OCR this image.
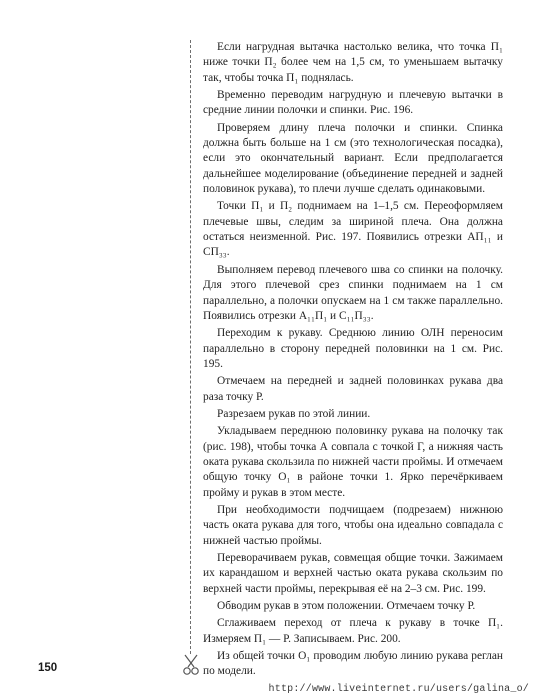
150

Если нагрудная вытачка настолько велика, что точка П₁ ниже точки П₂ более чем на 1,5 см, то уменьшаем вытачку так, чтобы точка П₁ поднялась.

Временно переводим нагрудную и плечевую вытачки в средние линии полочки и спинки. Рис. 196.

Проверяем длину плеча полочки и спинки. Спинка должна быть больше на 1 см (это технологическая посадка), если это окончательный вариант. Если предполагается дальнейшее моделирование (объединение передней и задней половинок рукава), то плечи лучше сделать одинаковыми.

Точки П₁ и П₂ поднимаем на 1–1,5 см. Переоформляем плечевые швы, следим за шириной плеча. Она должна остаться неизменной. Рис. 197. Появились отрезки АП₁₁ и СП₃₃.

Выполняем перевод плечевого шва со спинки на полочку. Для этого плечевой срез спинки поднимаем на 1 см параллельно, а полочки опускаем на 1 см также параллельно. Появились отрезки А₁₁П₁ и С₁₁П₃₃.

Переходим к рукаву. Среднюю линию ОЛН переносим параллельно в сторону передней половинки на 1 см. Рис. 195.

Отмечаем на передней и задней половинках рукава два раза точку Р.

Разрезаем рукав по этой линии.

Укладываем переднюю половинку рукава на полочку так (рис. 198), чтобы точка А совпала с точкой Г, а нижняя часть оката рукава скользила по нижней части проймы. И отмечаем общую точку О₁ в районе точки 1. Ярко перечёркиваем пройму и рукав в этом месте.

При необходимости подчищаем (подрезаем) нижнюю часть оката рукава для того, чтобы она идеально совпадала с нижней частью проймы.

Переворачиваем рукав, совмещая общие точки. Зажимаем их карандашом и верхней частью оката рукава скользим по верхней части проймы, перекрывая её на 2–3 см. Рис. 199.

Обводим рукав в этом положении. Отмечаем точку Р.

Сглаживаем переход от плеча к рукаву в точке П₁. Измеряем П₁ — Р. Записываем. Рис. 200.

Из общей точки О₁ проводим любую линию рукава реглан по модели.

http://www.liveinternet.ru/users/galina_o/
